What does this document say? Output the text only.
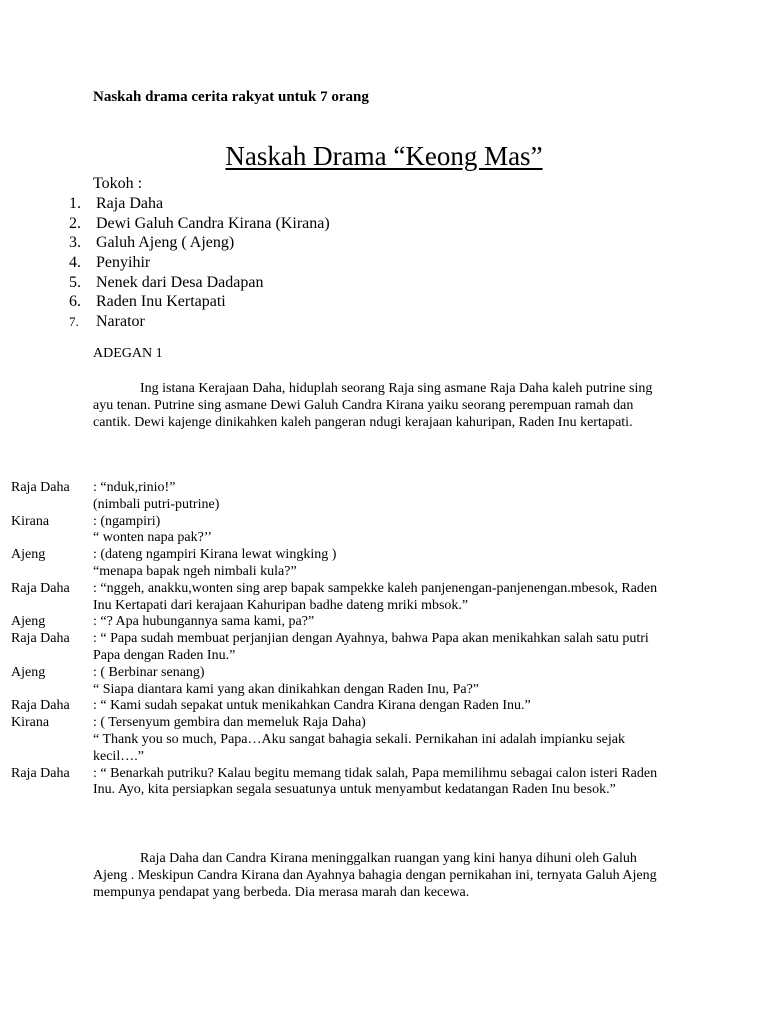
Naskah drama cerita rakyat untuk 7 orang
Naskah Drama “Keong Mas”
Tokoh :
1. Raja Daha
2. Dewi Galuh Candra Kirana (Kirana)
3. Galuh Ajeng ( Ajeng)
4. Penyihir
5. Nenek dari Desa Dadapan
6. Raden Inu Kertapati
7.	Narator
ADEGAN 1

Ing istana Kerajaan Daha, hiduplah seorang Raja sing asmane Raja Daha kaleh putrine sing ayu tenan. Putrine sing asmane Dewi Galuh Candra Kirana yaiku seorang perempuan ramah dan cantik. Dewi kajenge dinikahken kaleh pangeran ndugi kerajaan kahuripan, Raden Inu kertapati.

Raja Daha : “nduk,rinio!”
(nimbali putri-putrine)
Kirana	: (ngampiri)
“ wonten napa pak?’’
Ajeng	: (dateng ngampiri Kirana lewat wingking )
“menapa bapak ngeh nimbali kula?”
Raja Daha : “nggeh, anakku,wonten sing arep bapak sampekke kaleh panjenengan-panjenengan.mbesok, Raden Inu Kertapati dari kerajaan Kahuripan badhe dateng mriki mbsok.”
Ajeng	: “? Apa hubungannya sama kami, pa?”
Raja Daha : “ Papa sudah membuat perjanjian dengan Ayahnya, bahwa Papa akan menikahkan salah satu putri Papa dengan Raden Inu.”
Ajeng	: ( Berbinar senang)
“ Siapa diantara kami yang akan dinikahkan dengan Raden Inu, Pa?”
Raja Daha : “ Kami sudah sepakat untuk menikahkan Candra Kirana dengan Raden Inu.”
Kirana	: ( Tersenyum gembira dan memeluk Raja Daha)
“ Thank you so much, Papa…Aku sangat bahagia sekali. Pernikahan ini adalah impianku sejak kecil….”
Raja Daha : “ Benarkah putriku? Kalau begitu memang tidak salah, Papa memilihmu sebagai calon isteri Raden Inu. Ayo, kita persiapkan segala sesuatunya untuk menyambut kedatangan Raden Inu besok.”

Raja Daha dan Candra Kirana meninggalkan ruangan yang kini hanya dihuni oleh Galuh Ajeng . Meskipun Candra Kirana dan Ayahnya bahagia dengan pernikahan ini, ternyata Galuh Ajeng mempunya pendapat yang berbeda. Dia merasa marah dan kecewa.
